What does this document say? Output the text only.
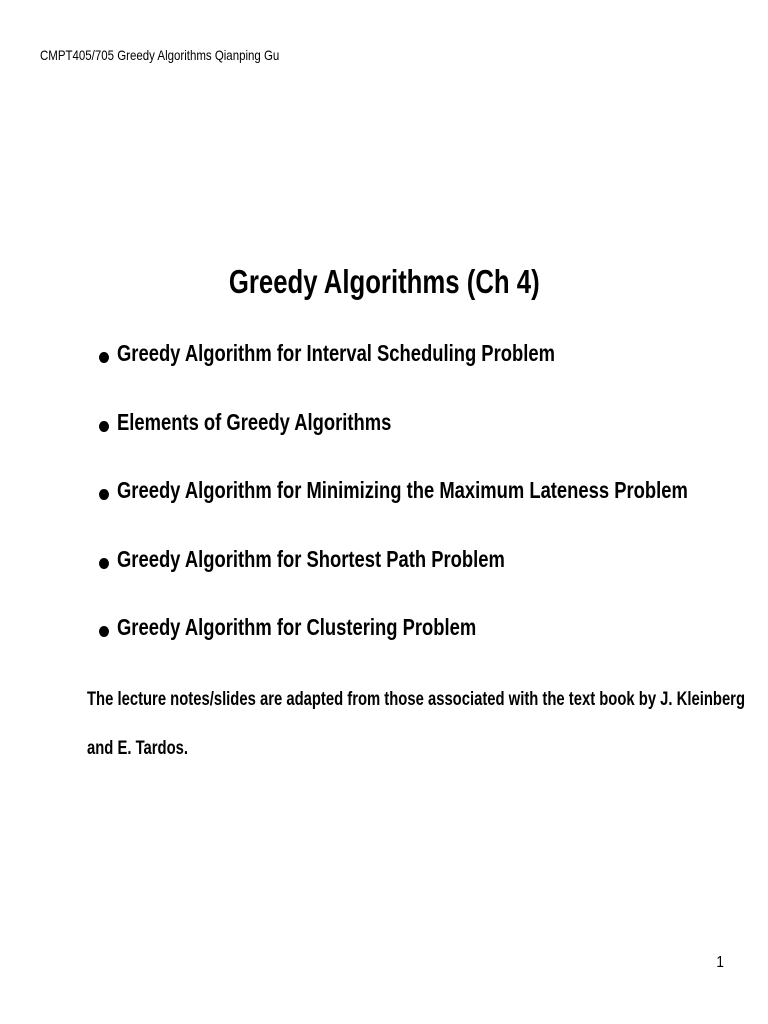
CMPT405/705 Greedy Algorithms Qianping Gu
Greedy Algorithms (Ch 4)
Greedy Algorithm for Interval Scheduling Problem
Elements of Greedy Algorithms
Greedy Algorithm for Minimizing the Maximum Lateness Problem
Greedy Algorithm for Shortest Path Problem
Greedy Algorithm for Clustering Problem
The lecture notes/slides are adapted from those associated with the text book by J. Kleinberg
and E. Tardos.
1
